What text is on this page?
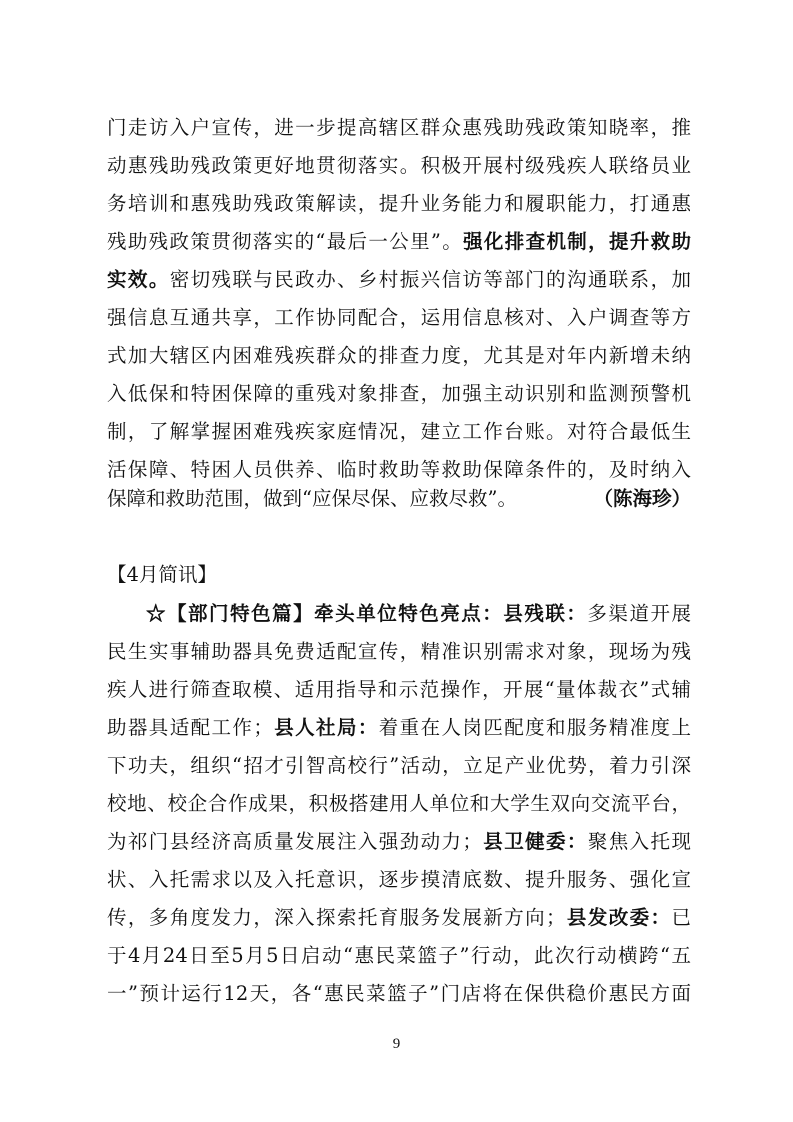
门走访入户宣传，进一步提高辖区群众惠残助残政策知晓率，推
动惠残助残政策更好地贯彻落实。积极开展村级残疾人联络员业
务培训和惠残助残政策解读，提升业务能力和履职能力，打通惠
残助残政策贯彻落实的“最后一公里”。强化排查机制，提升救助
实效。密切残联与民政办、乡村振兴信访等部门的沟通联系，加
强信息互通共享，工作协同配合，运用信息核对、入户调查等方
式加大辖区内困难残疾群众的排查力度，尤其是对年内新增未纳
入低保和特困保障的重残对象排查，加强主动识别和监测预警机
制，了解掌握困难残疾家庭情况，建立工作台账。对符合最低生
活保障、特困人员供养、临时救助等救助保障条件的，及时纳入
保障和救助范围，做到“应保尽保、应救尽救”。	（陈海珍）
【4月简讯】
☆【部门特色篇】牵头单位特色亮点：县残联：多渠道开展
民生实事辅助器具免费适配宣传，精准识别需求对象，现场为残
疾人进行筛查取模、适用指导和示范操作，开展“量体裁衣”式辅
助器具适配工作；县人社局：着重在人岗匹配度和服务精准度上
下功夫，组织“招才引智高校行”活动，立足产业优势，着力引深
校地、校企合作成果，积极搭建用人单位和大学生双向交流平台，
为祁门县经济高质量发展注入强劲动力；县卫健委：聚焦入托现
状、入托需求以及入托意识，逐步摸清底数、提升服务、强化宣
传，多角度发力，深入探索托育服务发展新方向；县发改委：已
于4月24日至5月5日启动“惠民菜篮子”行动，此次行动横跨“五
一”预计运行12天，各“惠民菜篮子”门店将在保供稳价惠民方面
9
